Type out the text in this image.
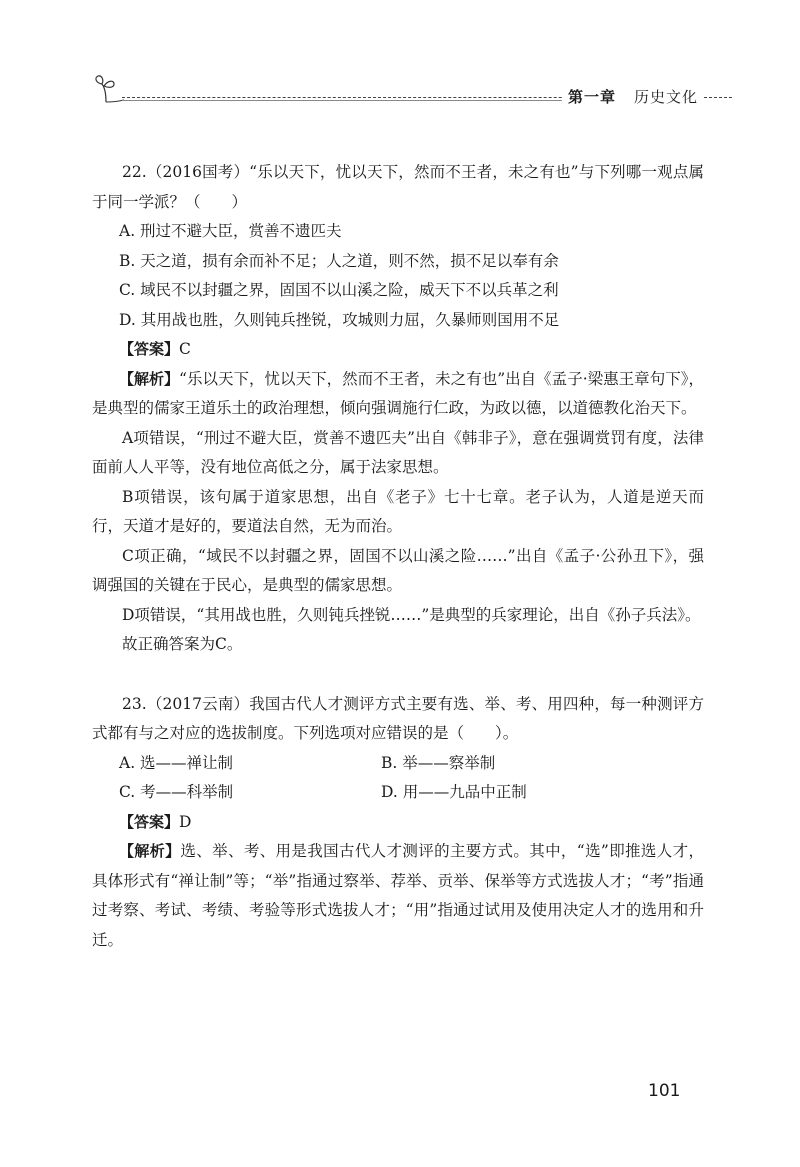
第一章 历史文化

22.（2016国考）“乐以天下，忧以天下，然而不王者，未之有也”与下列哪一观点属于同一学派？（　　）

A. 刑过不避大臣，赏善不遗匹夫

B. 天之道，损有余而补不足；人之道，则不然，损不足以奉有余

C. 域民不以封疆之界，固国不以山溪之险，威天下不以兵革之利

D. 其用战也胜，久则钝兵挫锐，攻城则力屈，久暴师则国用不足

【答案】C

【解析】“乐以天下，忧以天下，然而不王者，未之有也”出自《孟子·梁惠王章句下》，是典型的儒家王道乐土的政治理想，倾向强调施行仁政，为政以德，以道德教化治天下。

A项错误，“刑过不避大臣，赏善不遗匹夫”出自《韩非子》，意在强调赏罚有度，法律面前人人平等，没有地位高低之分，属于法家思想。

B项错误，该句属于道家思想，出自《老子》七十七章。老子认为，人道是逆天而行，天道才是好的，要道法自然，无为而治。

C项正确，“域民不以封疆之界，固国不以山溪之险……”出自《孟子·公孙丑下》，强调强国的关键在于民心，是典型的儒家思想。

D项错误，“其用战也胜，久则钝兵挫锐……”是典型的兵家理论，出自《孙子兵法》。

故正确答案为C。

23.（2017云南）我国古代人才测评方式主要有选、举、考、用四种，每一种测评方式都有与之对应的选拔制度。下列选项对应错误的是（　　）。

A. 选——禅让制	B. 举——察举制

C. 考——科举制	D. 用——九品中正制

【答案】D

【解析】选、举、考、用是我国古代人才测评的主要方式。其中，“选”即推选人才，具体形式有“禅让制”等；“举”指通过察举、荐举、贡举、保举等方式选拔人才；“考”指通过考察、考试、考绩、考验等形式选拔人才；“用”指通过试用及使用决定人才的选用和升迁。

101
